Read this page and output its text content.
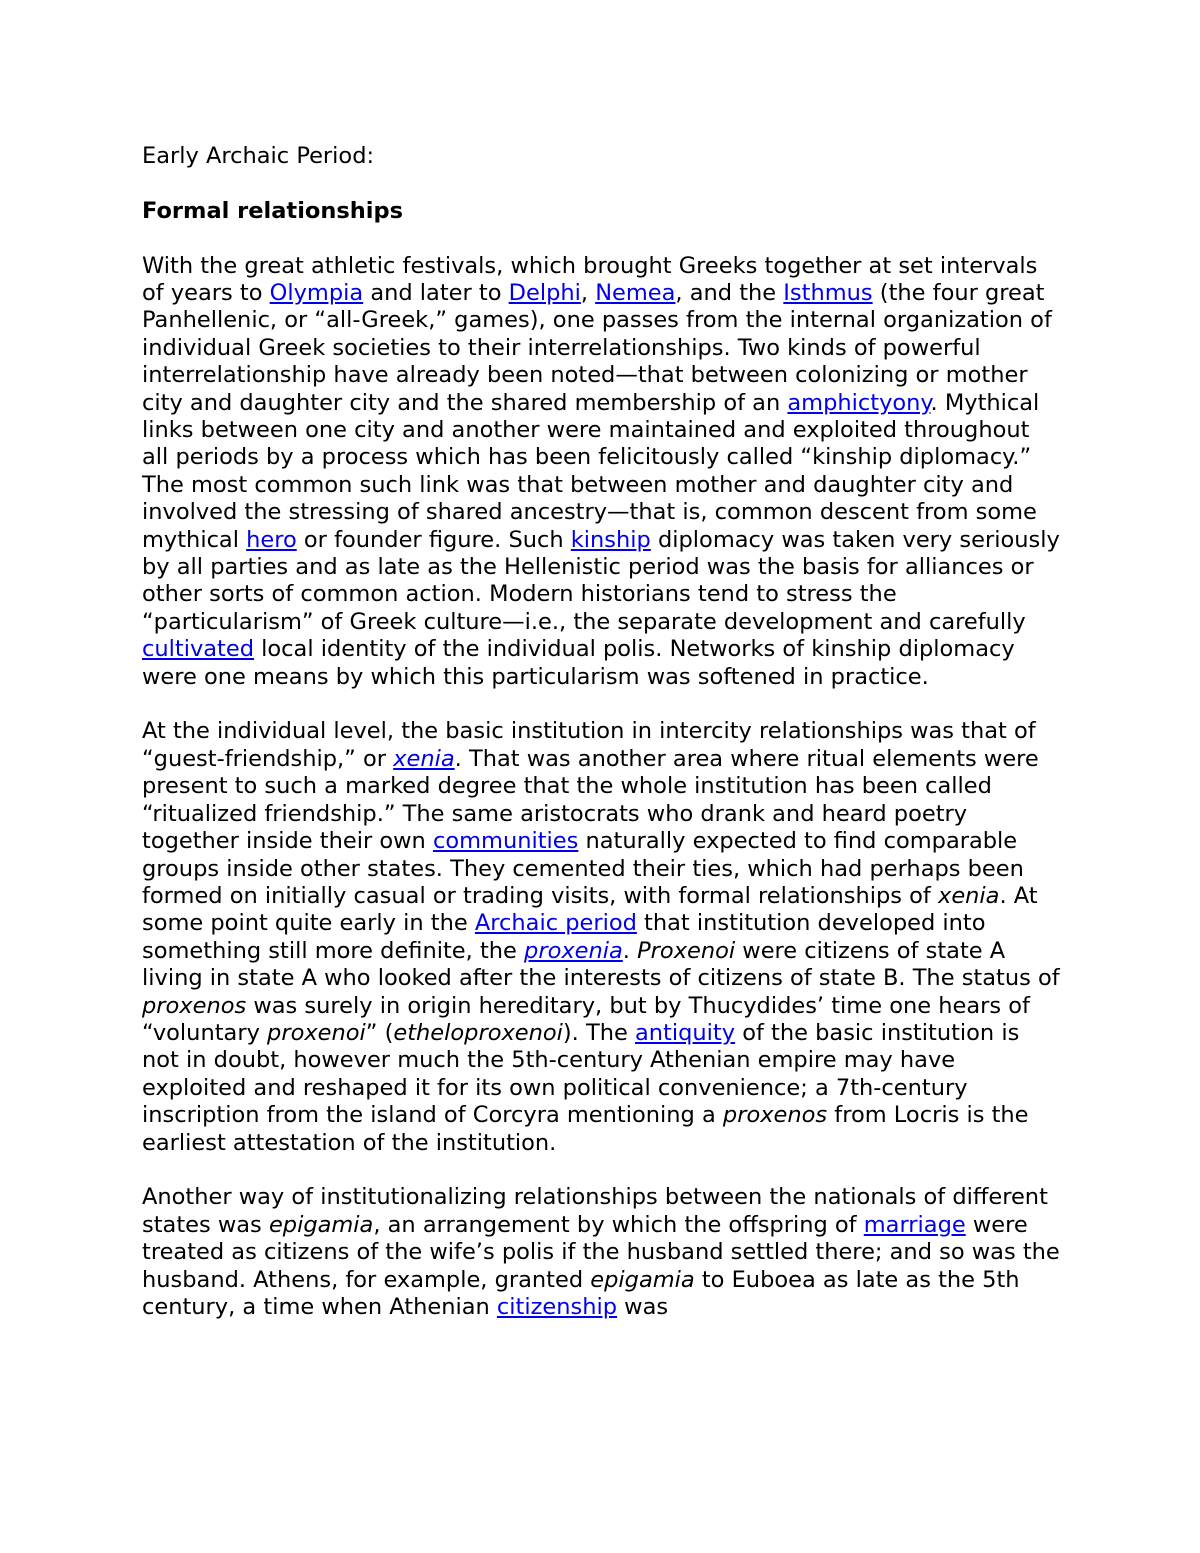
Early Archaic Period:

Formal relationships

With the great athletic festivals, which brought Greeks together at set intervals of years to Olympia and later to Delphi, Nemea, and the Isthmus (the four great Panhellenic, or “all-Greek,” games), one passes from the internal organization of individual Greek societies to their interrelationships. Two kinds of powerful interrelationship have already been noted—that between colonizing or mother city and daughter city and the shared membership of an amphictyony. Mythical links between one city and another were maintained and exploited throughout all periods by a process which has been felicitously called “kinship diplomacy.” The most common such link was that between mother and daughter city and involved the stressing of shared ancestry—that is, common descent from some mythical hero or founder figure. Such kinship diplomacy was taken very seriously by all parties and as late as the Hellenistic period was the basis for alliances or other sorts of common action. Modern historians tend to stress the “particularism” of Greek culture—i.e., the separate development and carefully cultivated local identity of the individual polis. Networks of kinship diplomacy were one means by which this particularism was softened in practice.

At the individual level, the basic institution in intercity relationships was that of “guest-friendship,” or xenia. That was another area where ritual elements were present to such a marked degree that the whole institution has been called “ritualized friendship.” The same aristocrats who drank and heard poetry together inside their own communities naturally expected to find comparable groups inside other states. They cemented their ties, which had perhaps been formed on initially casual or trading visits, with formal relationships of xenia. At some point quite early in the Archaic period that institution developed into something still more definite, the proxenia. Proxenoi were citizens of state A living in state A who looked after the interests of citizens of state B. The status of proxenos was surely in origin hereditary, but by Thucydides’ time one hears of “voluntary proxenoi” (etheloproxenoi). The antiquity of the basic institution is not in doubt, however much the 5th-century Athenian empire may have exploited and reshaped it for its own political convenience; a 7th-century inscription from the island of Corcyra mentioning a proxenos from Locris is the earliest attestation of the institution.

Another way of institutionalizing relationships between the nationals of different states was epigamia, an arrangement by which the offspring of marriage were treated as citizens of the wife’s polis if the husband settled there; and so was the husband. Athens, for example, granted epigamia to Euboea as late as the 5th century, a time when Athenian citizenship was
